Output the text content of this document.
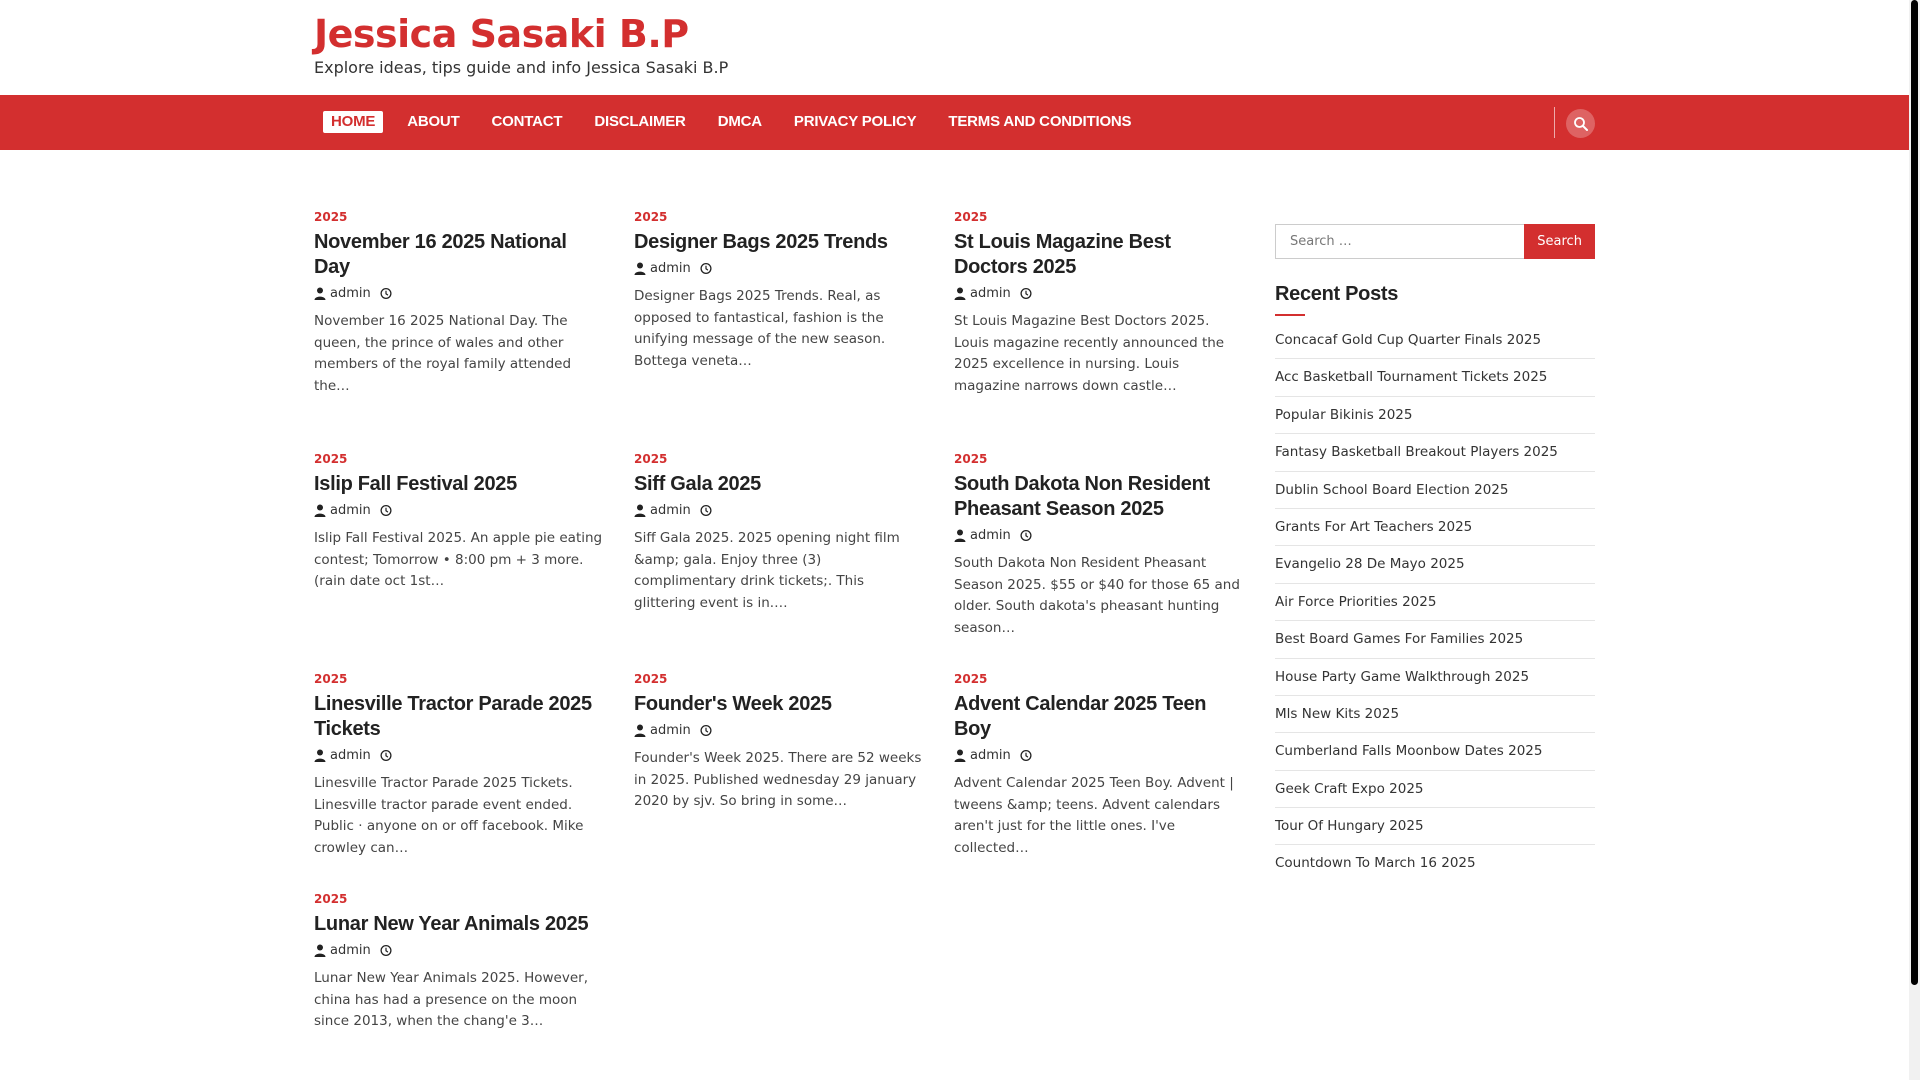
Jessica Sasaki B.P
Explore ideas, tips guide and info Jessica Sasaki B.P
HOME	ABOUT	CONTACT	DISCLAIMER	DMCA	PRIVACY POLICY	TERMS AND CONDITIONS
2025
November 16 2025 National Day
admin

November 16 2025 National Day. The queen, the prince of wales and other members of the royal family attended the…

2025
Designer Bags 2025 Trends
admin

Designer Bags 2025 Trends. Real, as opposed to fantastical, fashion is the unifying message of the new season. Bottega veneta…

2025
St Louis Magazine Best Doctors 2025
admin

St Louis Magazine Best Doctors 2025. Louis magazine recently announced the 2025 excellence in nursing. Louis magazine narrows down castle…

2025
Islip Fall Festival 2025
admin

Islip Fall Festival 2025. An apple pie eating contest; Tomorrow • 8:00 pm + 3 more. (rain date oct 1st…

2025
Siff Gala 2025
admin

Siff Gala 2025. 2025 opening night film &amp; gala. Enjoy three (3) complimentary drink tickets;. This glittering event is in.…

2025
South Dakota Non Resident Pheasant Season 2025
admin

South Dakota Non Resident Pheasant Season 2025. $55 or $40 for those 65 and older. South dakota's pheasant hunting season…

2025
Linesville Tractor Parade 2025 Tickets
admin

Linesville Tractor Parade 2025 Tickets. Linesville tractor parade event ended. Public · anyone on or off facebook. Mike crowley can…

2025
Founder's Week 2025
admin

Founder's Week 2025. There are 52 weeks in 2025. Published wednesday 29 january 2020 by sjv. So bring in some…

2025
Advent Calendar 2025 Teen Boy
admin

Advent Calendar 2025 Teen Boy. Advent | tweens &amp; teens. Advent calendars aren't just for the little ones. I've collected…

2025
Lunar New Year Animals 2025
admin

Lunar New Year Animals 2025. However, china has had a presence on the moon since 2013, when the chang'e 3…

Search …
Search
Recent Posts
Concacaf Gold Cup Quarter Finals 2025
Acc Basketball Tournament Tickets 2025
Popular Bikinis 2025
Fantasy Basketball Breakout Players 2025
Dublin School Board Election 2025
Grants For Art Teachers 2025
Evangelio 28 De Mayo 2025
Air Force Priorities 2025
Best Board Games For Families 2025
House Party Game Walkthrough 2025
Mls New Kits 2025
Cumberland Falls Moonbow Dates 2025
Geek Craft Expo 2025
Tour Of Hungary 2025
Countdown To March 16 2025
